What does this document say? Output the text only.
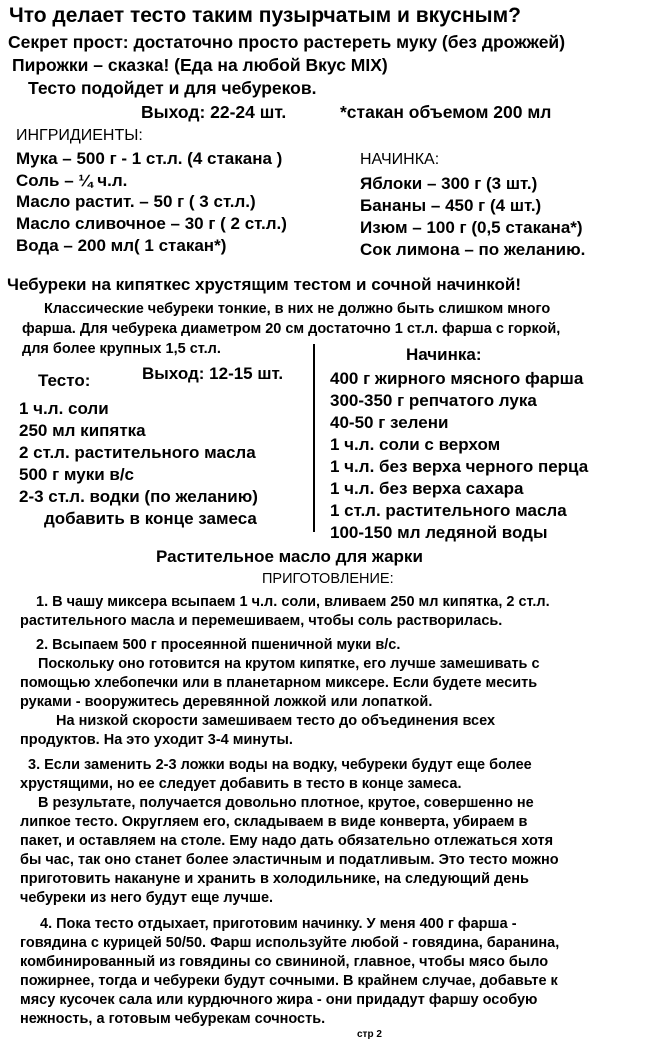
Что делает тесто таким пузырчатым и вкусным?
Секрет прост: достаточно просто растереть муку (без дрожжей)
Пирожки – сказка! (Еда на любой Вкус MIX)
Тесто подойдет и для чебуреков.
Выход: 22-24 шт.	*стакан объемом 200 мл
ИНГРИДИЕНТЫ:
Мука – 500 г - 1 ст.л. (4 стакана )
Соль – ¼ ч.л.
Масло растит. – 50 г ( 3 ст.л.)
Масло сливочное – 30 г ( 2 ст.л.)
Вода – 200 мл( 1 стакан*)
НАЧИНКА:
Яблоки – 300 г (3 шт.)
Бананы – 450 г (4 шт.)
Изюм – 100 г (0,5 стакана*)
Сок лимона – по желанию.
Чебуреки на кипяткес хрустящим тестом и сочной начинкой!
Классические чебуреки тонкие, в них не должно быть слишком много
фарша. Для чебурека диаметром 20 см достаточно 1 ст.л. фарша с горкой,
для более крупных 1,5 ст.л.
Тесто:	Выход: 12-15 шт.
1 ч.л. соли
250 мл кипятка
2 ст.л. растительного масла
500 г муки в/с
2-3 ст.л. водки (по желанию)
добавить в конце замеса
Начинка:
400 г жирного мясного фарша
300-350 г репчатого лука
40-50 г зелени
1 ч.л. соли с верхом
1 ч.л. без верха черного перца
1 ч.л. без верха сахара
1 ст.л. растительного масла
100-150 мл ледяной воды
Растительное масло для жарки
ПРИГОТОВЛЕНИЕ:
1. В чашу миксера всыпаем 1 ч.л. соли, вливаем 250 мл кипятка, 2 ст.л.
растительного масла и перемешиваем, чтобы соль растворилась.
2. Всыпаем 500 г просеянной пшеничной муки в/с.
Поскольку оно готовится на крутом кипятке, его лучше замешивать с
помощью хлебопечки или в планетарном миксере. Если будете месить
руками - вооружитесь деревянной ложкой или лопаткой.
На низкой скорости замешиваем тесто до объединения всех
продуктов. На это уходит 3-4 минуты.
3. Если заменить 2-3 ложки воды на водку, чебуреки будут еще более
хрустящими, но ее следует добавить в тесто в конце замеса.
В результате, получается довольно плотное, крутое, совершенно не
липкое тесто. Округляем его, складываем в виде конверта, убираем в
пакет, и оставляем на столе. Ему надо дать обязательно отлежаться хотя
бы час, так оно станет более эластичным и податливым. Это тесто можно
приготовить накануне и хранить в холодильнике, на следующий день
чебуреки из него будут еще лучше.
4. Пока тесто отдыхает, приготовим начинку. У меня 400 г фарша -
говядина с курицей 50/50. Фарш используйте любой - говядина, баранина,
комбинированный из говядины со свининой, главное, чтобы мясо было
пожирнее, тогда и чебуреки будут сочными. В крайнем случае, добавьте к
мясу кусочек сала или курдючного жира - они придадут фаршу особую
нежность, а готовым чебурекам сочность.
стр 2
